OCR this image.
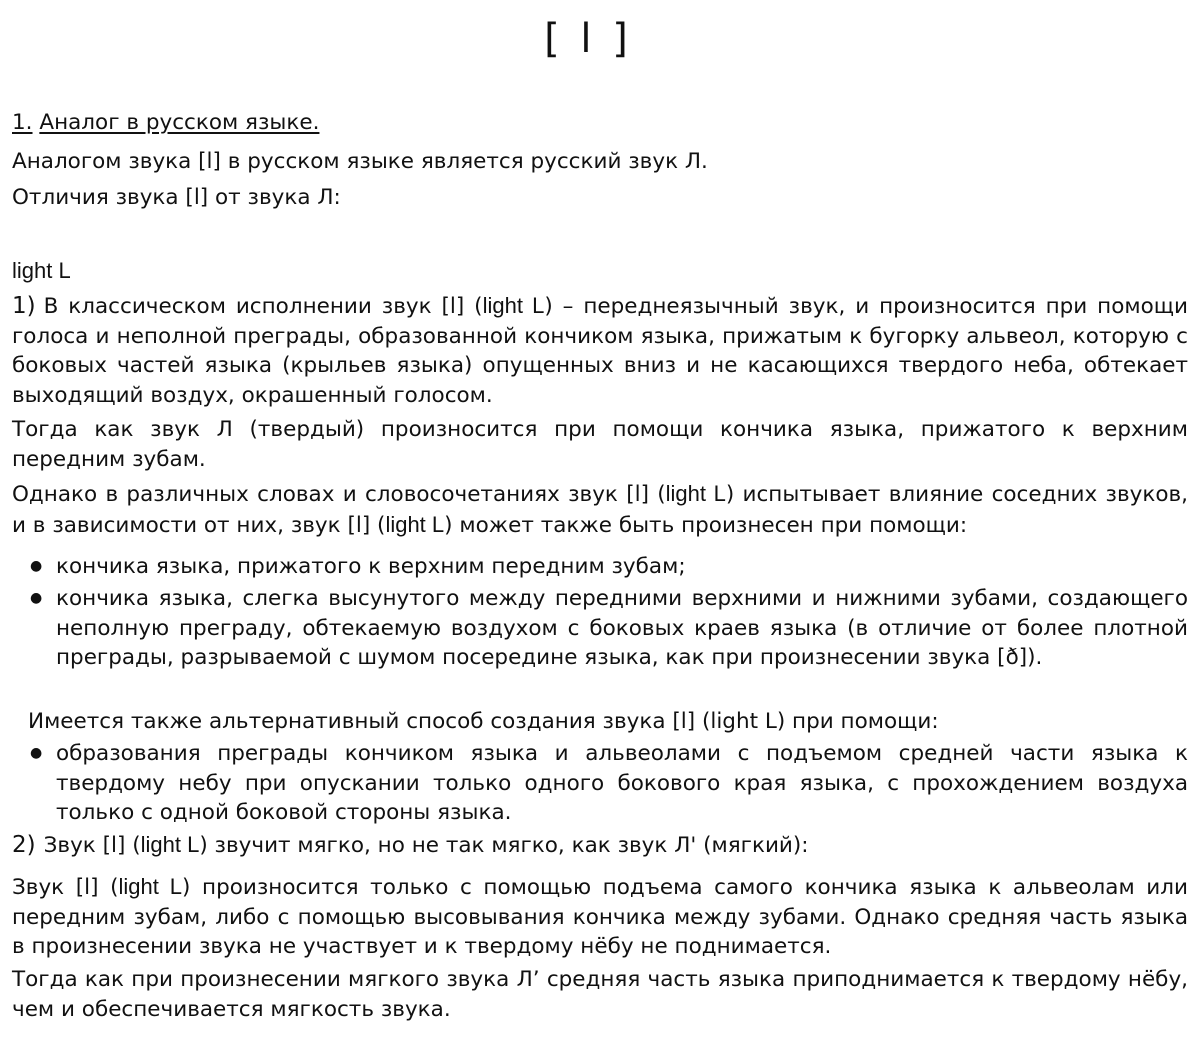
[ l ]

1. Аналог в русском языке.

Аналогом звука [l] в русском языке является русский звук Л.

Отличия звука [l] от звука Л:

light L

1) В классическом исполнении звук [l] (light L) – переднеязычный звук, и произносится при помощи голоса и неполной преграды, образованной кончиком языка, прижатым к бугорку альвеол, которую с боковых частей языка (крыльев языка) опущенных вниз и не касающихся твердого неба, обтекает выходящий воздух, окрашенный голосом.

Тогда как звук Л (твердый) произносится при помощи кончика языка, прижатого к верхним передним зубам.

Однако в различных словах и словосочетаниях звук [l] (light L) испытывает влияние соседних звуков, и в зависимости от них, звук [l] (light L) может также быть произнесен при помощи:

● кончика языка, прижатого к верхним передним зубам;

● кончика языка, слегка высунутого между передними верхними и нижними зубами, создающего неполную преграду, обтекаемую воздухом с боковых краев языка (в отличие от более плотной преграды, разрываемой с шумом посередине языка, как при произнесении звука [ð]).

Имеется также альтернативный способ создания звука [l] (light L) при помощи:

● образования преграды кончиком языка и альвеолами с подъемом средней части языка к твердому небу при опускании только одного бокового края языка, с прохождением воздуха только с одной боковой стороны языка.

2) Звук [l] (light L) звучит мягко, но не так мягко, как звук Л' (мягкий):

Звук [l] (light L) произносится только с помощью подъема самого кончика языка к альвеолам или передним зубам, либо с помощью высовывания кончика между зубами. Однако средняя часть языка в произнесении звука не участвует и к твердому нёбу не поднимается.

Тогда как при произнесении мягкого звука Л’ средняя часть языка приподнимается к твердому нёбу, чем и обеспечивается мягкость звука.
